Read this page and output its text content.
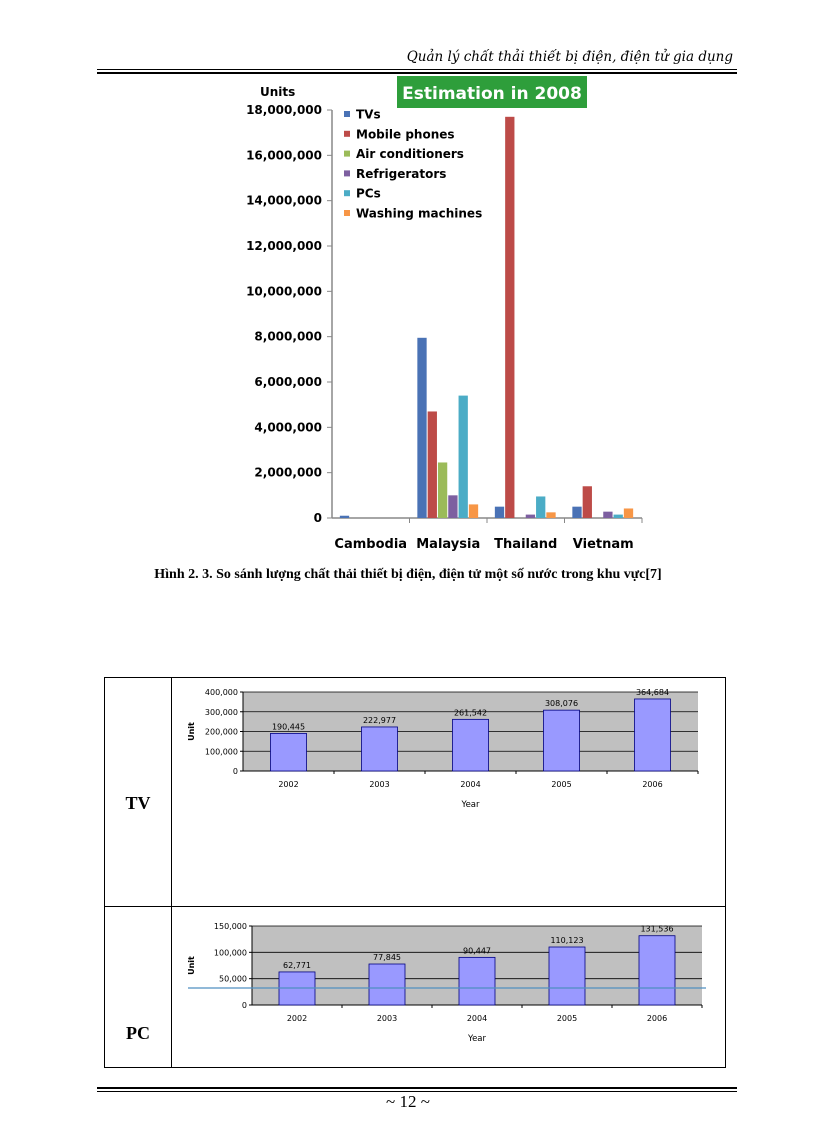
Quản lý chất thải thiết bị điện, điện tử gia dụng
Estimation in 2008
Units
0
2,000,000
4,000,000
6,000,000
8,000,000
10,000,000
12,000,000
14,000,000
16,000,000
18,000,000
Cambodia Malaysia Thailand Vietnam
TVs
Mobile phones
Air conditioners
Refrigerators
PCs
Washing machines
Hình 2. 3. So sánh lượng chất thải thiết bị điện, điện tử một số nước trong khu vực[7]
TV
PC
0
100,000
200,000
300,000
400,000
190,445
2002
222,977
2003
261,542
2004
308,076
2005
364,684
2006
Year
Unit
0
50,000
100,000
150,000
62,771
2002
77,845
2003
90,447
2004
110,123
2005
131,536
2006
Year
Unit
~ 12 ~
